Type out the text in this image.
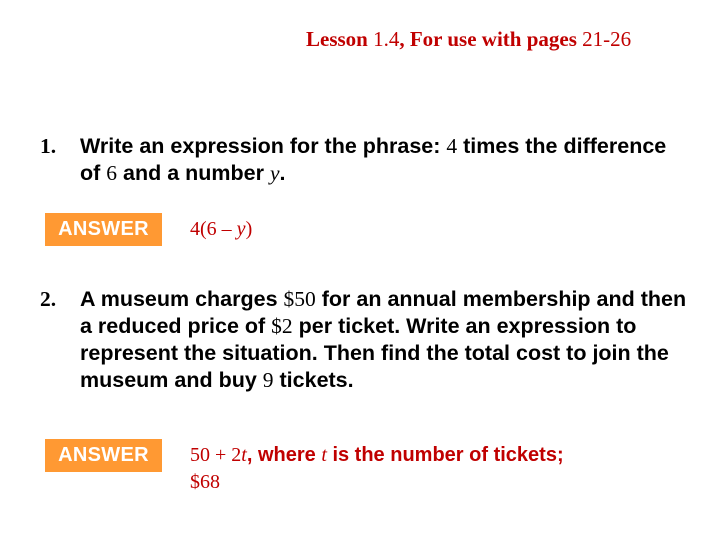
Lesson 1.4, For use with pages 21-26
1. Write an expression for the phrase: 4 times the difference of 6 and a number y.
ANSWER	4(6 – y)
2. A museum charges $50 for an annual membership and then a reduced price of $2 per ticket. Write an expression to represent the situation. Then find the total cost to join the museum and buy 9 tickets.
ANSWER	50 + 2t, where t is the number of tickets;
$68
